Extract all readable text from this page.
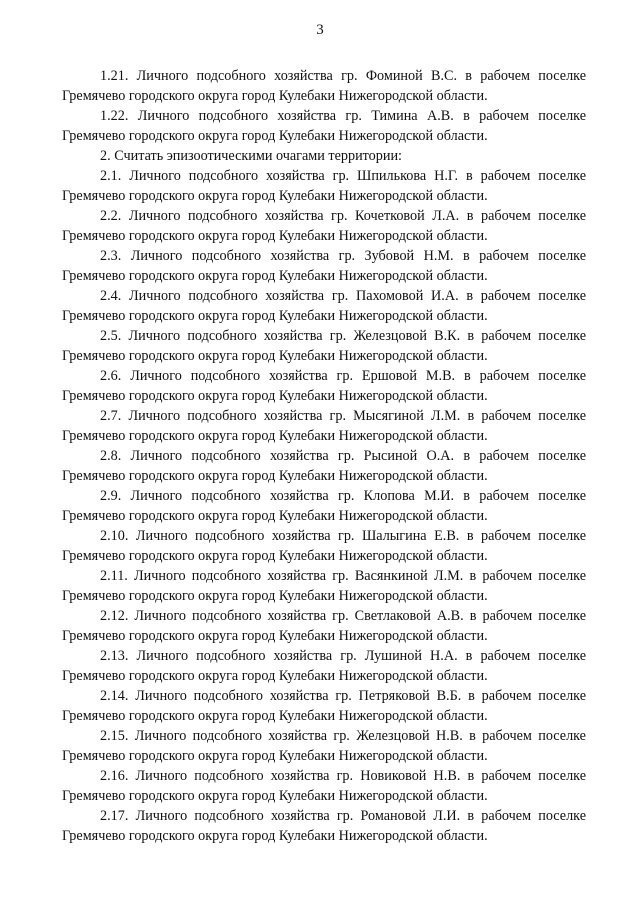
3

1.21. Личного подсобного хозяйства гр. Фоминой В.С. в рабочем поселке
Гремячево городского округа город Кулебаки Нижегородской области.

1.22. Личного подсобного хозяйства гр. Тимина А.В. в рабочем поселке
Гремячево городского округа город Кулебаки Нижегородской области.

2. Считать эпизоотическими очагами территории:

2.1. Личного подсобного хозяйства гр. Шпилькова Н.Г. в рабочем поселке
Гремячево городского округа город Кулебаки Нижегородской области.

2.2. Личного подсобного хозяйства гр. Кочетковой Л.А. в рабочем поселке
Гремячево городского округа город Кулебаки Нижегородской области.

2.3. Личного подсобного хозяйства гр. Зубовой Н.М. в рабочем поселке
Гремячево городского округа город Кулебаки Нижегородской области.

2.4. Личного подсобного хозяйства гр. Пахомовой И.А. в рабочем поселке
Гремячево городского округа город Кулебаки Нижегородской области.

2.5. Личного подсобного хозяйства гр. Железцовой В.К. в рабочем поселке
Гремячево городского округа город Кулебаки Нижегородской области.

2.6. Личного подсобного хозяйства гр. Ершовой М.В. в рабочем поселке
Гремячево городского округа город Кулебаки Нижегородской области.

2.7. Личного подсобного хозяйства гр. Мысягиной Л.М. в рабочем поселке
Гремячево городского округа город Кулебаки Нижегородской области.

2.8. Личного подсобного хозяйства гр. Рысиной О.А. в рабочем поселке
Гремячево городского округа город Кулебаки Нижегородской области.

2.9. Личного подсобного хозяйства гр. Клопова М.И. в рабочем поселке
Гремячево городского округа город Кулебаки Нижегородской области.

2.10. Личного подсобного хозяйства гр. Шалыгина Е.В. в рабочем поселке
Гремячево городского округа город Кулебаки Нижегородской области.

2.11. Личного подсобного хозяйства гр. Васянкиной Л.М. в рабочем поселке
Гремячево городского округа город Кулебаки Нижегородской области.

2.12. Личного подсобного хозяйства гр. Светлаковой А.В. в рабочем поселке
Гремячево городского округа город Кулебаки Нижегородской области.

2.13. Личного подсобного хозяйства гр. Лушиной Н.А. в рабочем поселке
Гремячево городского округа город Кулебаки Нижегородской области.

2.14. Личного подсобного хозяйства гр. Петряковой В.Б. в рабочем поселке
Гремячево городского округа город Кулебаки Нижегородской области.

2.15. Личного подсобного хозяйства гр. Железцовой Н.В. в рабочем поселке
Гремячево городского округа город Кулебаки Нижегородской области.

2.16. Личного подсобного хозяйства гр. Новиковой Н.В. в рабочем поселке
Гремячево городского округа город Кулебаки Нижегородской области.

2.17. Личного подсобного хозяйства гр. Романовой Л.И. в рабочем поселке
Гремячево городского округа город Кулебаки Нижегородской области.
